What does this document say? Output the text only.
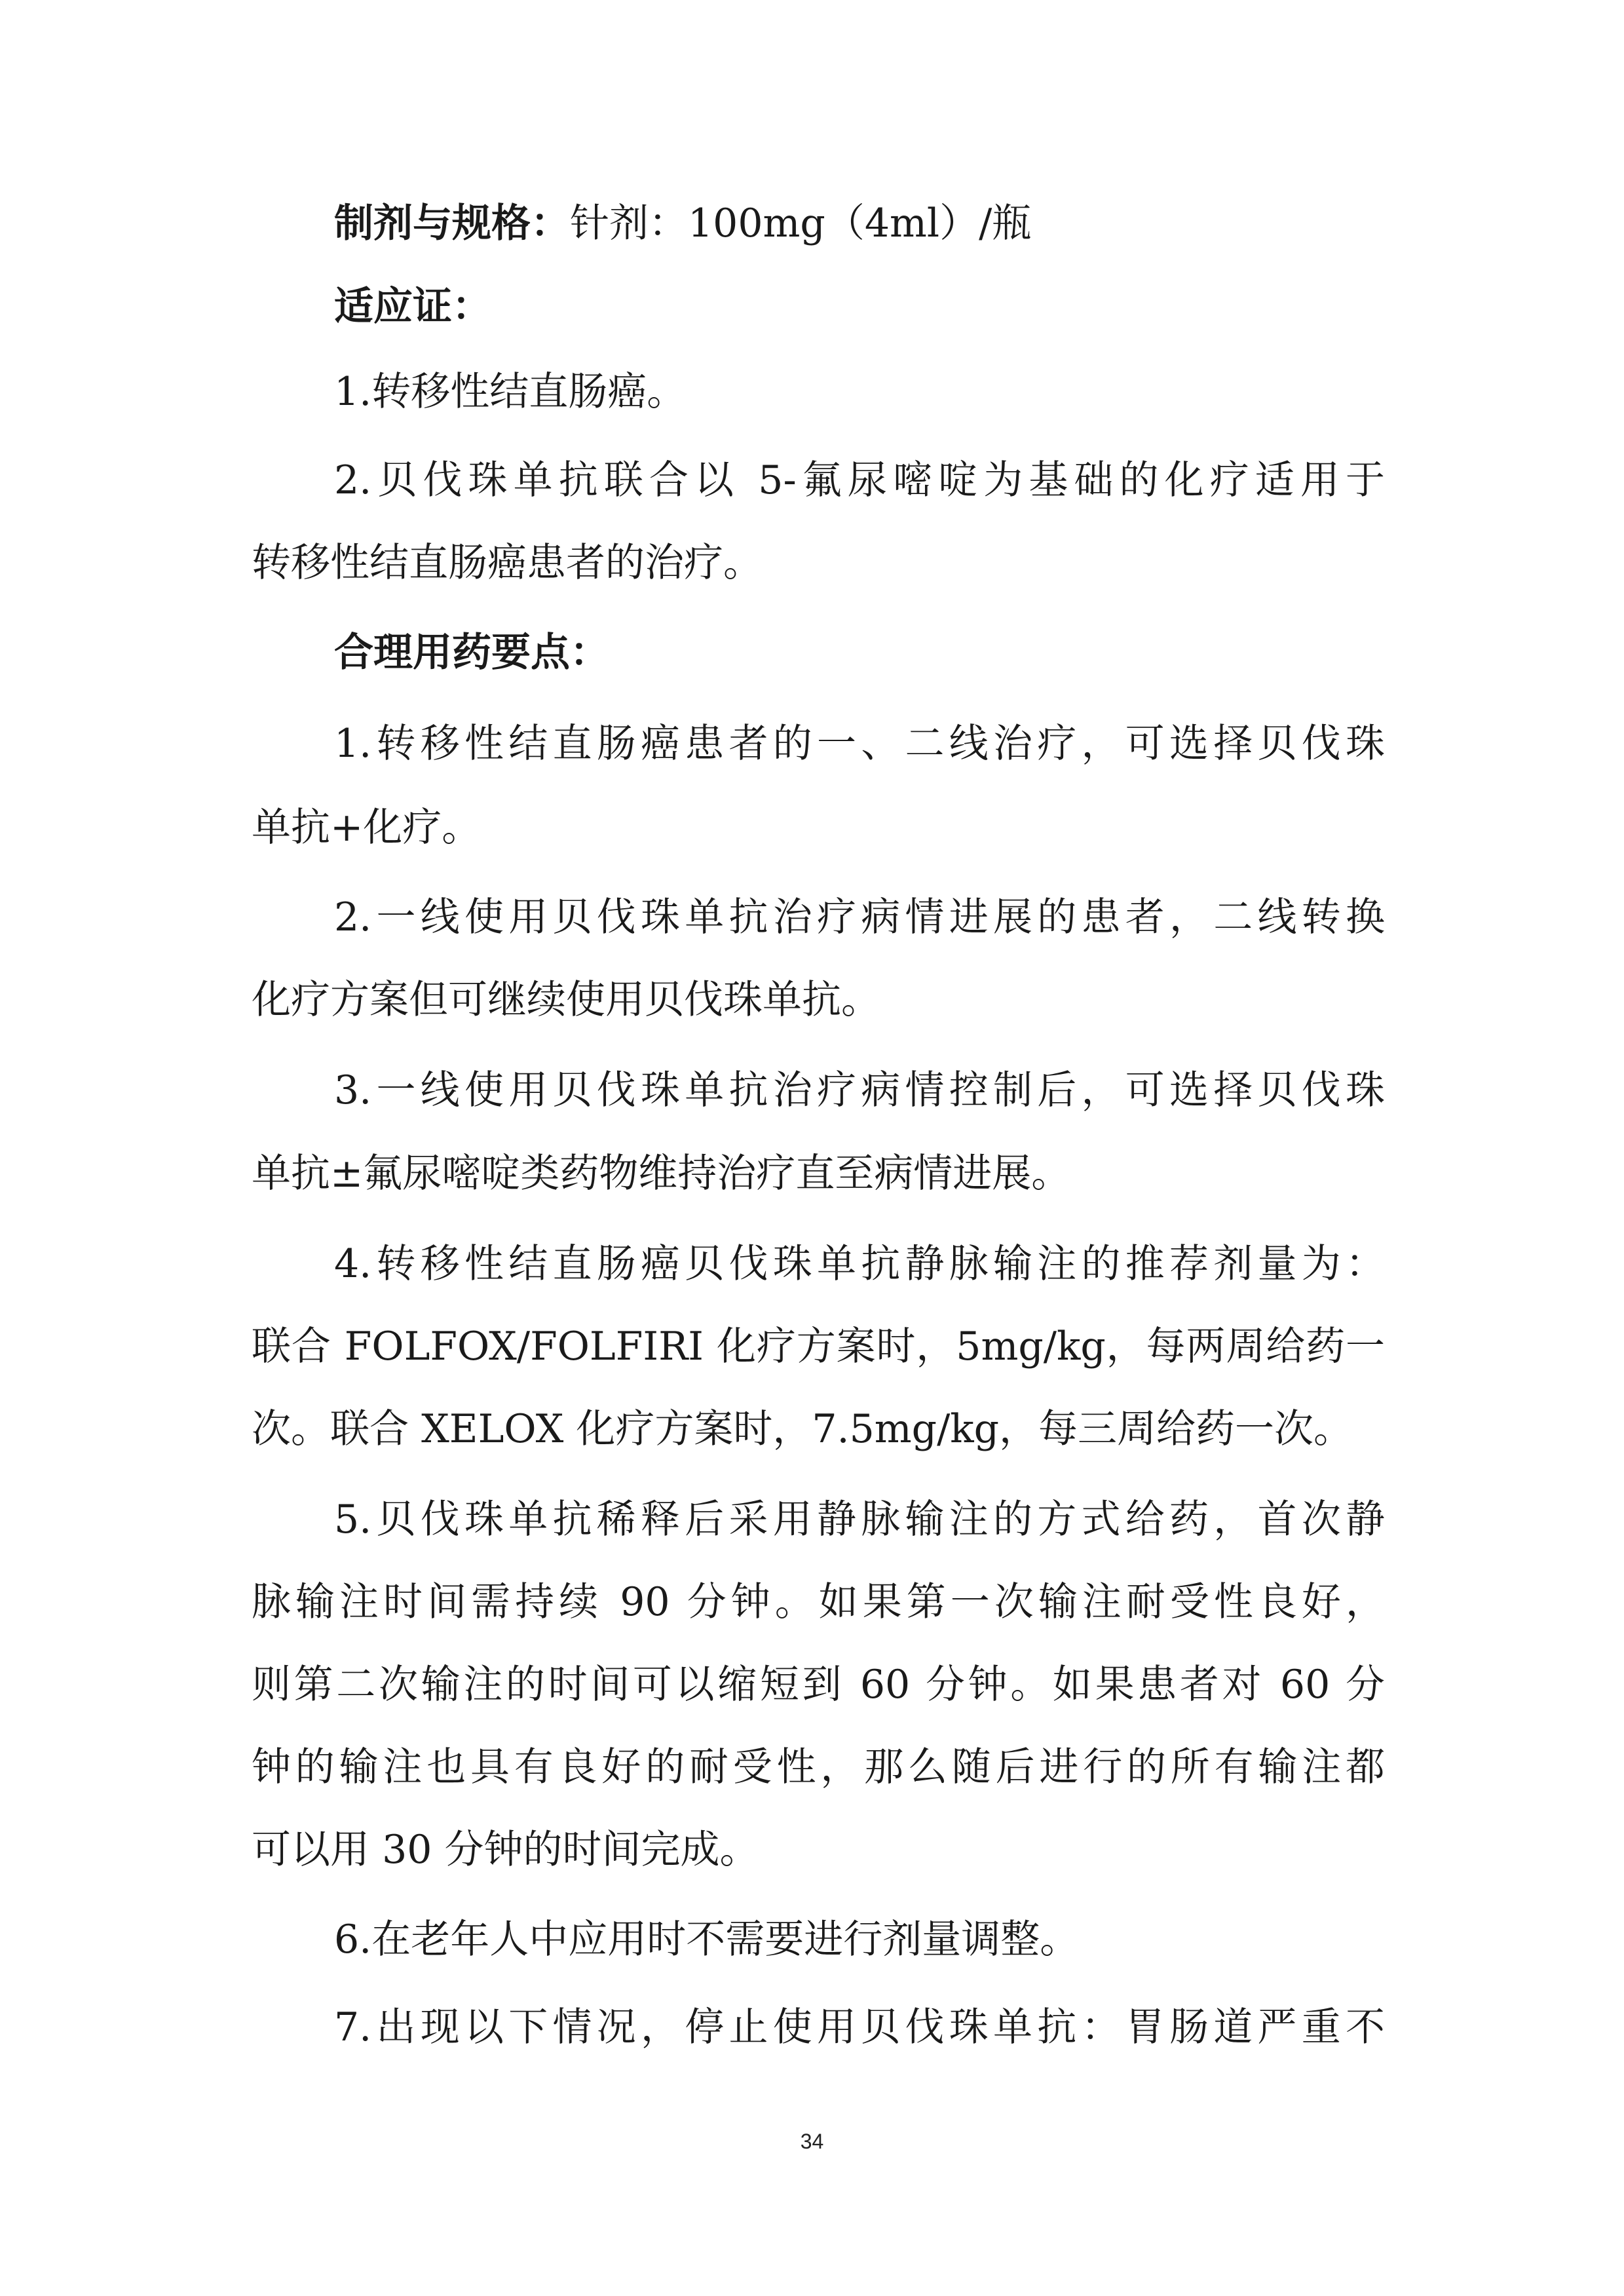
制剂与规格：针剂：100mg（4ml）/瓶
适应证：
1.转移性结直肠癌。
2.贝伐珠单抗联合以 5-氟尿嘧啶为基础的化疗适用于
转移性结直肠癌患者的治疗。
合理用药要点：
1.转移性结直肠癌患者的一、二线治疗，可选择贝伐珠
单抗+化疗。
2.一线使用贝伐珠单抗治疗病情进展的患者，二线转换
化疗方案但可继续使用贝伐珠单抗。
3.一线使用贝伐珠单抗治疗病情控制后，可选择贝伐珠
单抗±氟尿嘧啶类药物维持治疗直至病情进展。
4.转移性结直肠癌贝伐珠单抗静脉输注的推荐剂量为：
联合 FOLFOX/FOLFIRI 化疗方案时，5mg/kg，每两周给药一
次。联合 XELOX 化疗方案时，7.5mg/kg，每三周给药一次。
5.贝伐珠单抗稀释后采用静脉输注的方式给药，首次静
脉输注时间需持续 90 分钟。如果第一次输注耐受性良好，
则第二次输注的时间可以缩短到 60 分钟。如果患者对 60 分
钟的输注也具有良好的耐受性，那么随后进行的所有输注都
可以用 30 分钟的时间完成。
6.在老年人中应用时不需要进行剂量调整。
7.出现以下情况，停止使用贝伐珠单抗：胃肠道严重不
34
